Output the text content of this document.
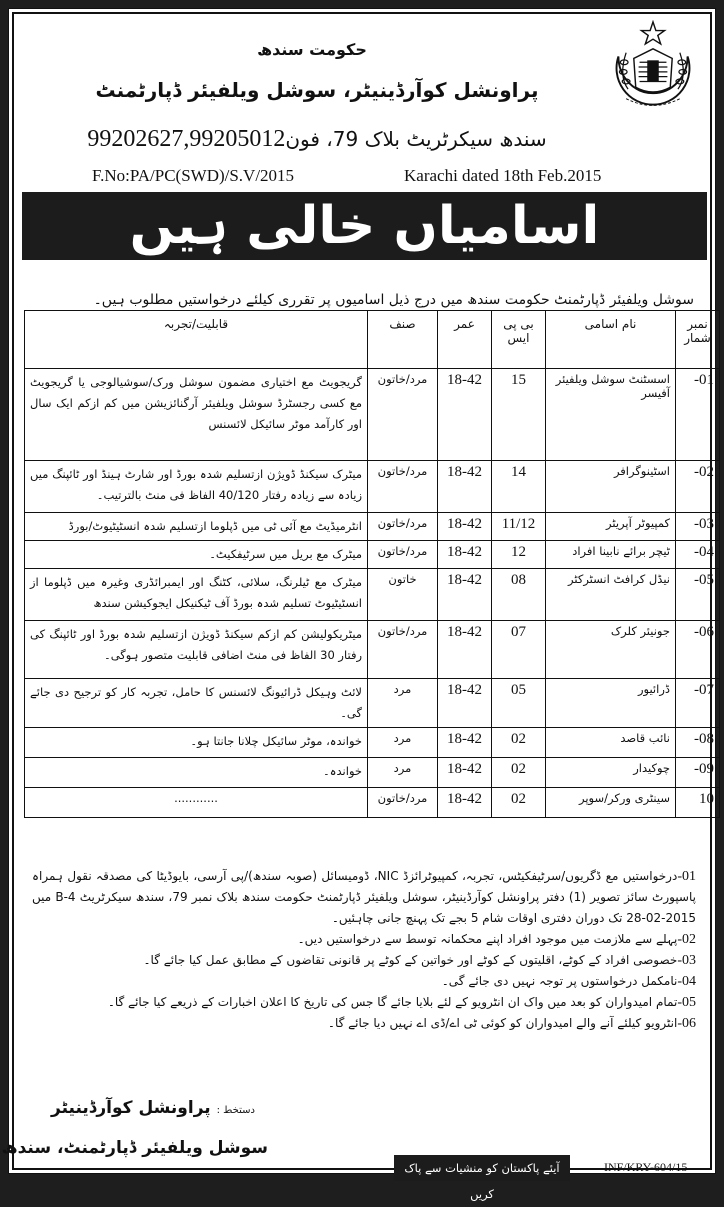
حکومت سندھ
پراونشل کوآرڈینیٹر، سوشل ویلفیئر ڈپارٹمنٹ
سندھ سیکرٹریٹ بلاک 79، فون99202627,99205012
F.No:PA/PC(SWD)/S.V/2015	Karachi dated 18th Feb.2015
اسامیاں خالی ہیں
سوشل ویلفیئر ڈپارٹمنٹ حکومت سندھ میں درج ذیل اسامیوں پر تقرری کیلئے درخواستیں مطلوب ہیں۔
نمبر شمار	نام اسامی	بی پی ایس	عمر	صنف	قابلیت/تجربہ
01-	اسسٹنٹ سوشل ویلفیئر آفیسر	15	18-42	مرد/خاتون	گریجویٹ مع اختیاری مضمون سوشل ورک/سوشیالوجی یا گریجویٹ مع کسی رجسٹرڈ سوشل ویلفیئر آرگنائزیشن میں کم ازکم ایک سال اور کارآمد موٹر سائیکل لائسنس
02-	اسٹینوگرافر	14	18-42	مرد/خاتون	میٹرک سیکنڈ ڈویژن ازتسلیم شدہ بورڈ اور شارٹ ہینڈ اور ٹائپنگ میں زیادہ سے زیادہ رفتار 40/120 الفاظ فی منٹ بالترتیب۔
03-	کمپیوٹر آپریٹر	11/12	18-42	مرد/خاتون	انٹرمیڈیٹ مع آئی ٹی میں ڈپلوما ازتسلیم شدہ انسٹیٹیوٹ/بورڈ
04-	ٹیچر برائے نابینا افراد	12	18-42	مرد/خاتون	میٹرک مع بریل میں سرٹیفکیٹ۔
05-	نیڈل کرافٹ انسٹرکٹر	08	18-42	خاتون	میٹرک مع ٹیلرنگ، سلائی، کٹنگ اور ایمبرائڈری وغیرہ میں ڈپلوما از انسٹیٹیوٹ تسلیم شدہ بورڈ آف ٹیکنیکل ایجوکیشن سندھ
06-	جونیئر کلرک	07	18-42	مرد/خاتون	میٹریکولیشن کم ازکم سیکنڈ ڈویژن ازتسلیم شدہ بورڈ اور ٹائپنگ کی رفتار 30 الفاظ فی منٹ اضافی قابلیت متصور ہوگی۔
07-	ڈرائیور	05	18-42	مرد	لائٹ وہیکل ڈرائیونگ لائسنس کا حامل، تجربہ کار کو ترجیح دی جائے گی۔
08-	نائب قاصد	02	18-42	مرد	خواندہ، موٹر سائیکل چلانا جانتا ہو۔
09-	چوکیدار	02	18-42	مرد	خواندہ۔
10	سینٹری ورکر/سوپر	02	18-42	مرد/خاتون	............

01-درخواستیں مع ڈگریوں/سرٹیفکیٹس، تجربہ، کمپیوٹرائزڈ NIC، ڈومیسائل (صوبہ سندھ)/پی آرسی، بایوڈیٹا کی مصدقہ نقول ہمراہ پاسپورٹ سائز تصویر (1) دفتر پراونشل کوآرڈینیٹر، سوشل ویلفیئر ڈپارٹمنٹ حکومت سندھ بلاک نمبر 79، سندھ سیکرٹریٹ B-4 میں 2015-02-28 تک دوران دفتری اوقات شام 5 بجے تک پہنچ جانی چاہئیں۔

02-پہلے سے ملازمت میں موجود افراد اپنے محکمانہ توسط سے درخواستیں دیں۔

03-خصوصی افراد کے کوٹے، اقلیتوں کے کوٹے اور خواتین کے کوٹے پر قانونی تقاضوں کے مطابق عمل کیا جائے گا۔

04-نامکمل درخواستوں پر توجہ نہیں دی جائے گی۔

05-تمام امیدواران کو بعد میں واک ان انٹرویو کے لئے بلایا جائے گا جس کی تاریخ کا اعلان اخبارات کے ذریعے کیا جائے گا۔

06-انٹرویو کیلئے آنے والے امیدواران کو کوئی ٹی اے/ڈی اے نہیں دیا جائے گا۔

دستخط : پراونشل کوآرڈینیٹر
سوشل ویلفیئر ڈپارٹمنٹ، سندھ
آیئے پاکستان کو منشیات سے پاک کریں
INF/KRY-604/15
